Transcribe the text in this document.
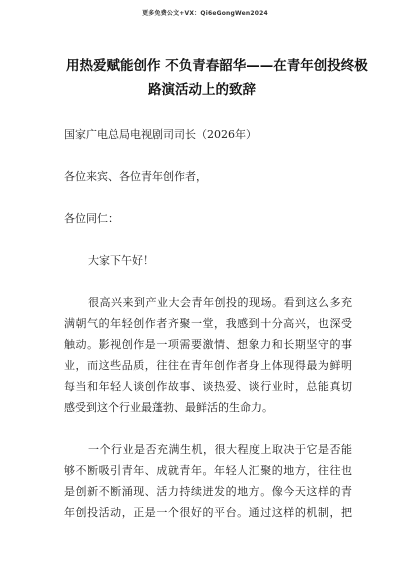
更多免费公文+VX：Qi6eGongWen2024
用热爱赋能创作 不负青春韶华——在青年创投终极
路演活动上的致辞
国家广电总局电视剧司司长（2026年）
各位来宾、各位青年创作者，
各位同仁：
大家下午好！
很高兴来到产业大会青年创投的现场。看到这么多充
满朝气的年轻创作者齐聚一堂，我感到十分高兴，也深受
触动。影视创作是一项需要激情、想象力和长期坚守的事
业，而这些品质，往往在青年创作者身上体现得最为鲜明
每当和年轻人谈创作故事、谈热爱、谈行业时，总能真切
感受到这个行业最蓬勃、最鲜活的生命力。
一个行业是否充满生机，很大程度上取决于它是否能
够不断吸引青年、成就青年。年轻人汇聚的地方，往往也
是创新不断涌现、活力持续迸发的地方。像今天这样的青
年创投活动，正是一个很好的平台。通过这样的机制，把
